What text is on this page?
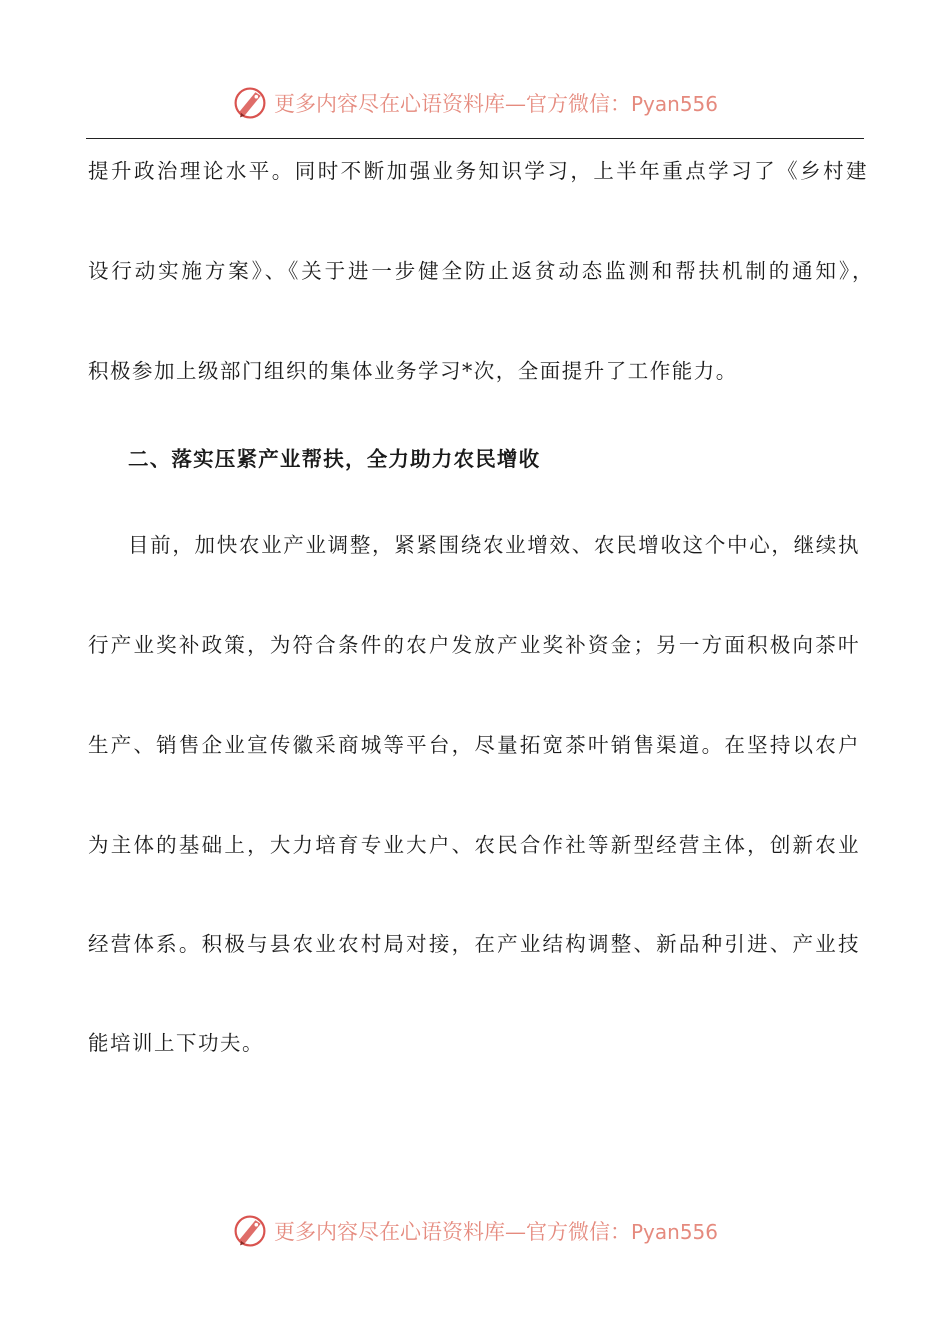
更多内容尽在心语资料库—官方微信：Pyan556
提升政治理论水平。同时不断加强业务知识学习，上半年重点学习了《乡村建
设行动实施方案》、《关于进一步健全防止返贫动态监测和帮扶机制的通知》，
积极参加上级部门组织的集体业务学习*次，全面提升了工作能力。
二、落实压紧产业帮扶，全力助力农民增收
目前，加快农业产业调整，紧紧围绕农业增效、农民增收这个中心，继续执
行产业奖补政策，为符合条件的农户发放产业奖补资金；另一方面积极向茶叶
生产、销售企业宣传徽采商城等平台，尽量拓宽茶叶销售渠道。在坚持以农户
为主体的基础上，大力培育专业大户、农民合作社等新型经营主体，创新农业
经营体系。积极与县农业农村局对接，在产业结构调整、新品种引进、产业技
能培训上下功夫。
更多内容尽在心语资料库—官方微信：Pyan556
